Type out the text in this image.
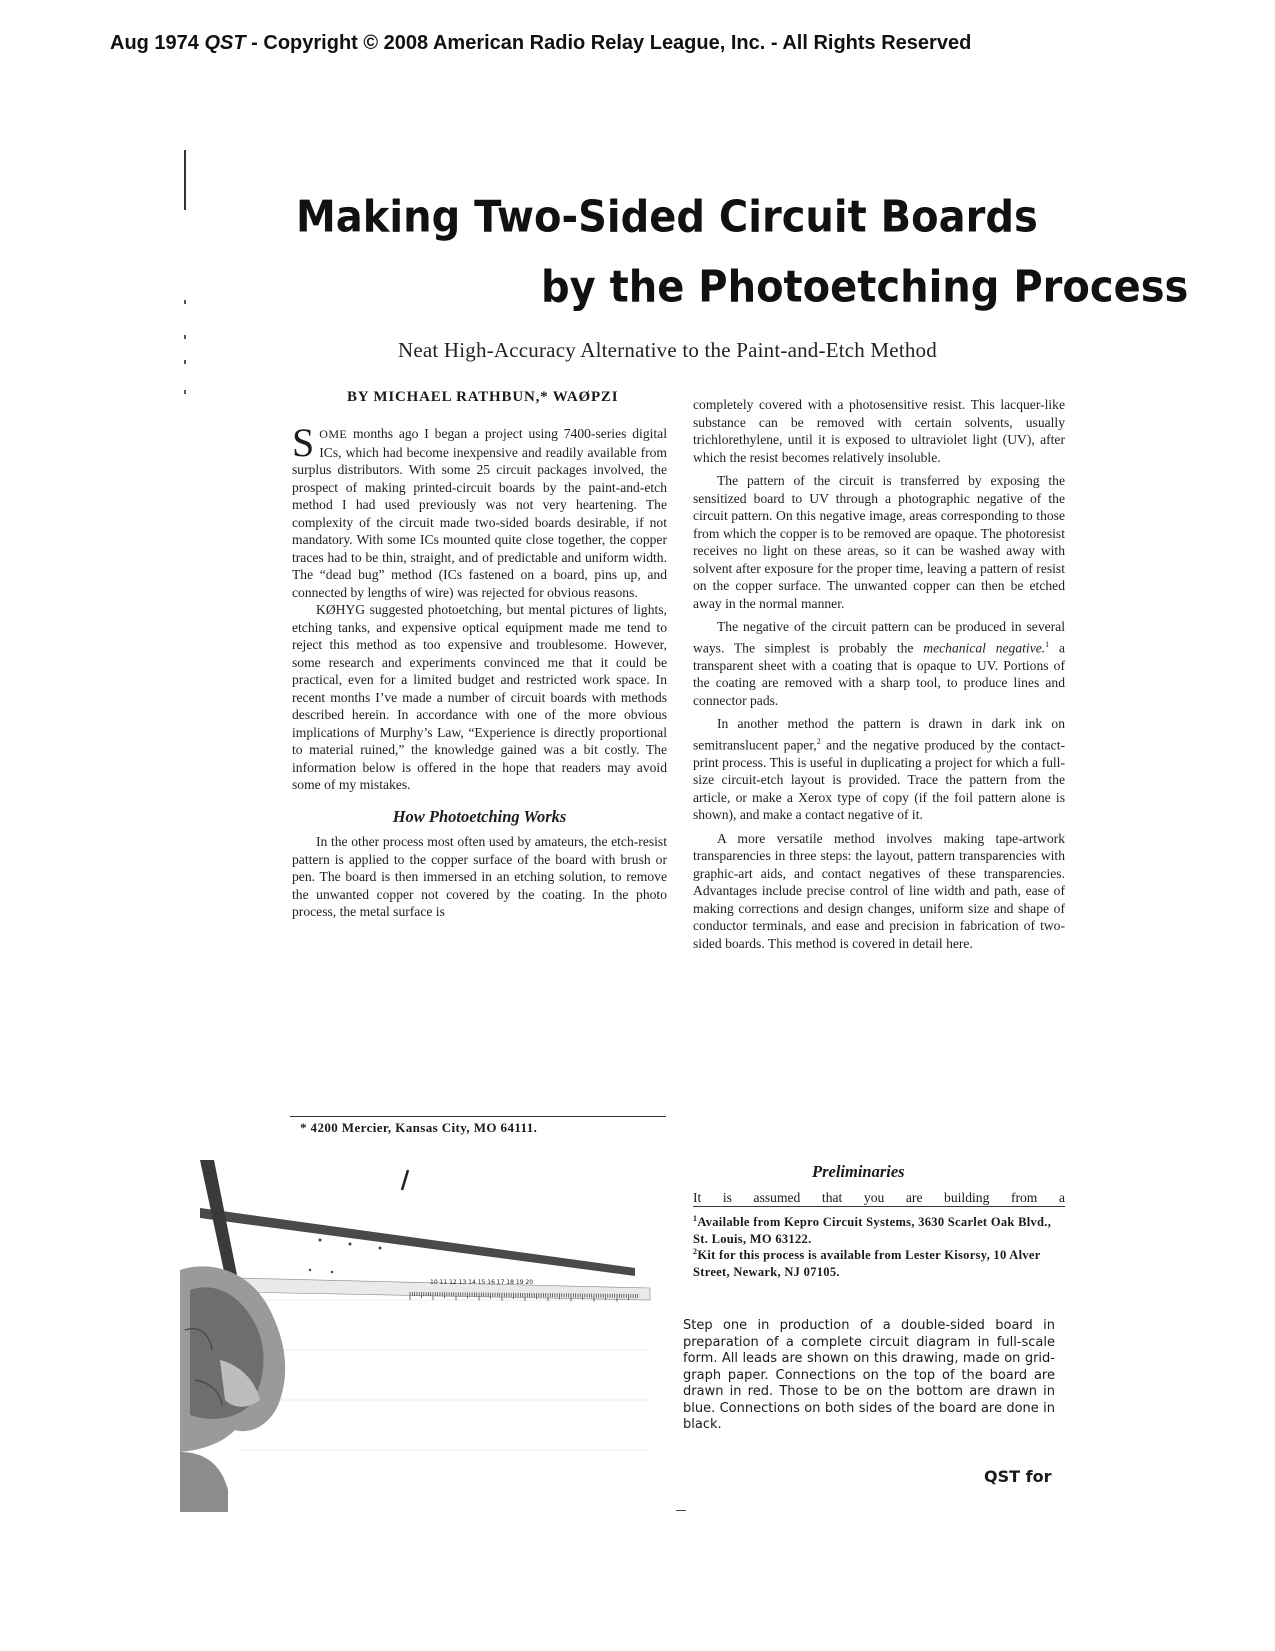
Aug 1974 QST - Copyright © 2008 American Radio Relay League, Inc. - All Rights Reserved
Making Two-Sided Circuit Boards
by the Photoetching Process
Neat High-Accuracy Alternative to the Paint-and-Etch Method
BY MICHAEL RATHBUN,* WAØPZI

SOME months ago I began a project using 7400-series digital ICs, which had become inexpensive and readily available from surplus distributors. With some 25 circuit packages involved, the prospect of making printed-circuit boards by the paint-and-etch method I had used previously was not very heartening. The complexity of the circuit made two-sided boards desirable, if not mandatory. With some ICs mounted quite close together, the copper traces had to be thin, straight, and of predictable and uniform width. The “dead bug” method (ICs fastened on a board, pins up, and connected by lengths of wire) was rejected for obvious reasons.

KØHYG suggested photoetching, but mental pictures of lights, etching tanks, and expensive optical equipment made me tend to reject this method as too expensive and troublesome. However, some research and experiments convinced me that it could be practical, even for a limited budget and restricted work space. In recent months I’ve made a number of circuit boards with methods described herein. In accordance with one of the more obvious implications of Murphy’s Law, “Experience is directly proportional to material ruined,” the knowledge gained was a bit costly. The information below is offered in the hope that readers may avoid some of my mistakes.

How Photoetching Works

In the other process most often used by amateurs, the etch-resist pattern is applied to the copper surface of the board with brush or pen. The board is then immersed in an etching solution, to remove the unwanted copper not covered by the coating. In the photo process, the metal surface is

* 4200 Mercier, Kansas City, MO 64111.

completely covered with a photosensitive resist. This lacquer-like substance can be removed with certain solvents, usually trichlorethylene, until it is exposed to ultraviolet light (UV), after which the resist becomes relatively insoluble.

The pattern of the circuit is transferred by exposing the sensitized board to UV through a photographic negative of the circuit pattern. On this negative image, areas corresponding to those from which the copper is to be removed are opaque. The photoresist receives no light on these areas, so it can be washed away with solvent after exposure for the proper time, leaving a pattern of resist on the copper surface. The unwanted copper can then be etched away in the normal manner.

The negative of the circuit pattern can be produced in several ways. The simplest is probably the mechanical negative.$^1$ a transparent sheet with a coating that is opaque to UV. Portions of the coating are removed with a sharp tool, to produce lines and connector pads.

In another method the pattern is drawn in dark ink on semitranslucent paper,$^2$ and the negative produced by the contact-print process. This is useful in duplicating a project for which a full-size circuit-etch layout is provided. Trace the pattern from the article, or make a Xerox type of copy (if the foil pattern alone is shown), and make a contact negative of it.

A more versatile method involves making tape-artwork transparencies in three steps: the layout, pattern transparencies with graphic-art aids, and contact negatives of these transparencies. Advantages include precise control of line width and path, ease of making corrections and design changes, uniform size and shape of conductor terminals, and ease and precision in fabrication of two-sided boards. This method is covered in detail here.

Preliminaries
It is assumed that you are building from a
$^1$Available from Kepro Circuit Systems, 3630 Scarlet Oak Blvd., St. Louis, MO 63122.
$^2$Kit for this process is available from Lester Kisorsy, 10 Alver Street, Newark, NJ 07105.
Step one in production of a double-sided board in preparation of a complete circuit diagram in full-scale form. All leads are shown on this drawing, made on grid-graph paper. Connections on the top of the board are drawn in red. Those to be on the bottom are drawn in blue. Connections on both sides of the board are done in black.
QST for
10 11 12 13 14 15 16 17 18 19 20
